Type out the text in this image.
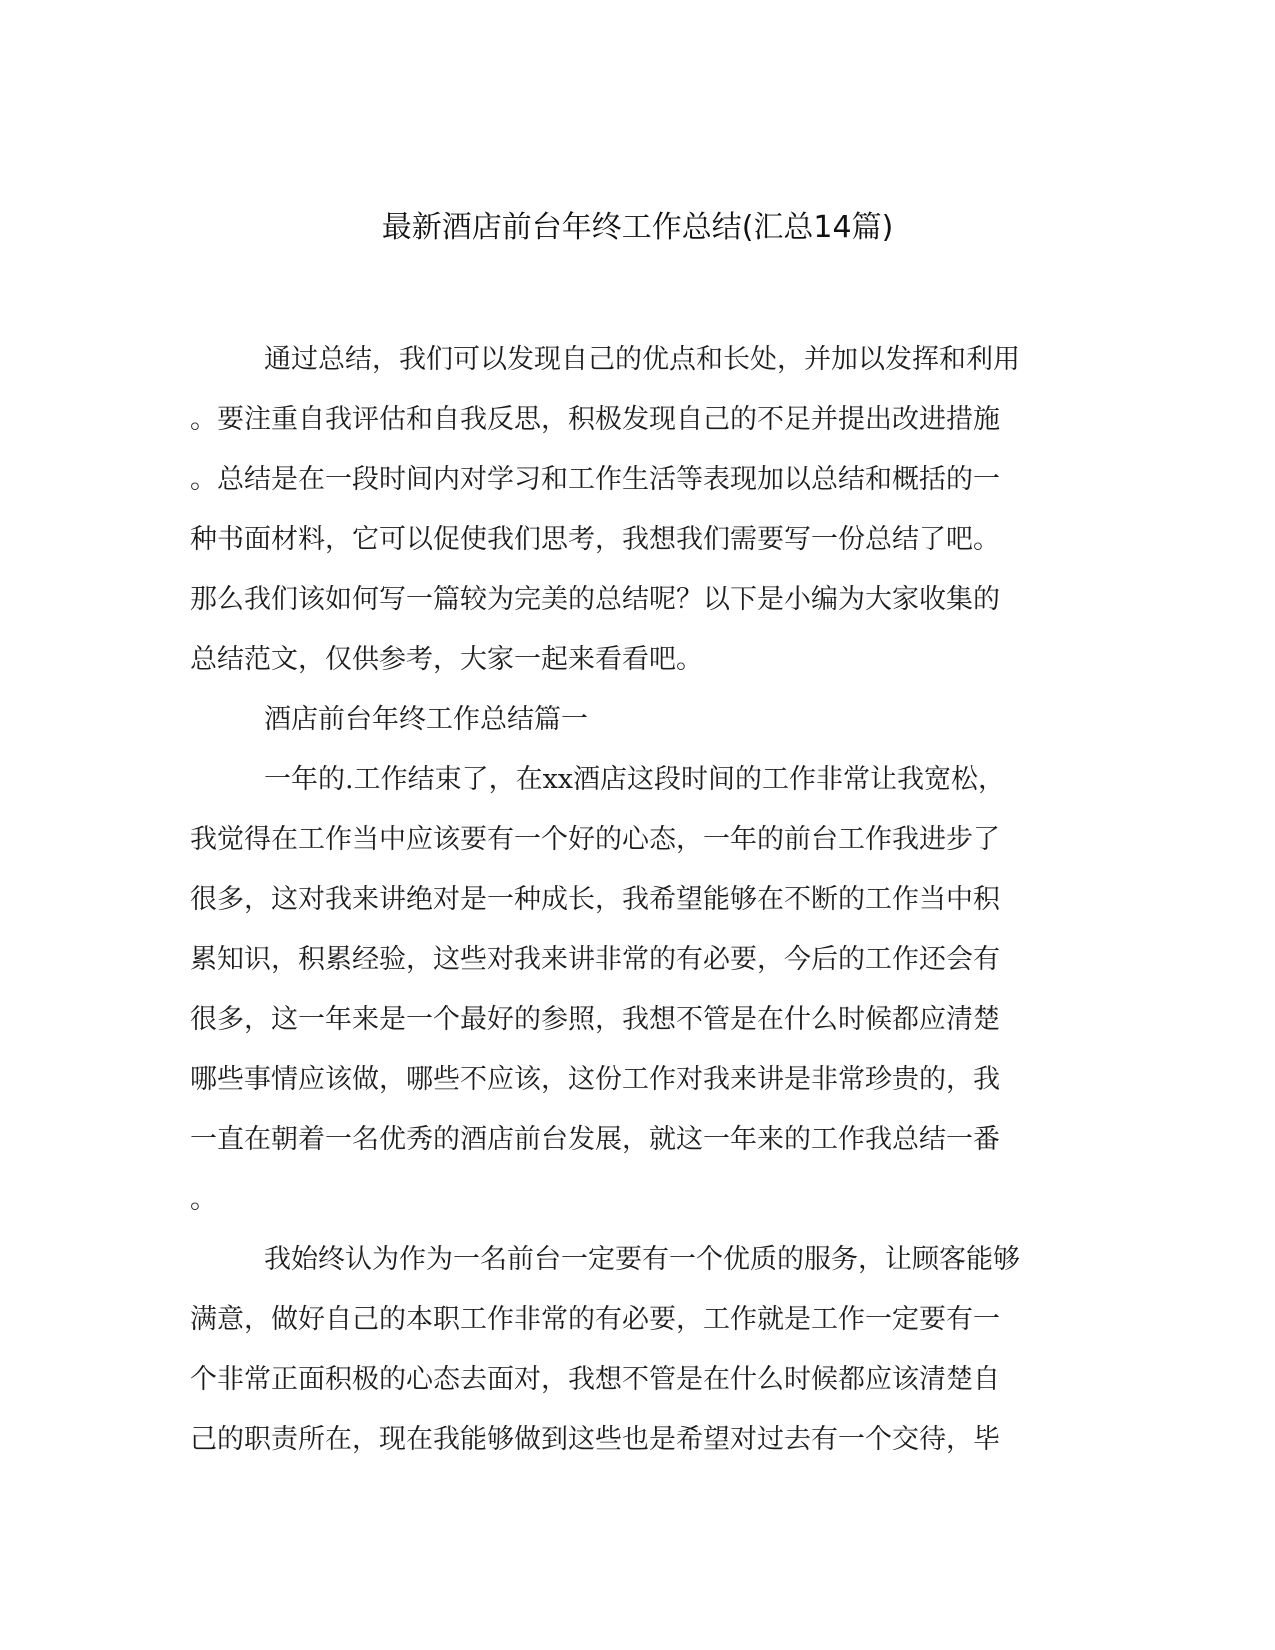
最新酒店前台年终工作总结(汇总14篇)
通过总结，我们可以发现自己的优点和长处，并加以发挥和利用
。要注重自我评估和自我反思，积极发现自己的不足并提出改进措施
。总结是在一段时间内对学习和工作生活等表现加以总结和概括的一
种书面材料，它可以促使我们思考，我想我们需要写一份总结了吧。
那么我们该如何写一篇较为完美的总结呢？以下是小编为大家收集的
总结范文，仅供参考，大家一起来看看吧。
酒店前台年终工作总结篇一
一年的.工作结束了，在xx酒店这段时间的工作非常让我宽松，
我觉得在工作当中应该要有一个好的心态，一年的前台工作我进步了
很多，这对我来讲绝对是一种成长，我希望能够在不断的工作当中积
累知识，积累经验，这些对我来讲非常的有必要，今后的工作还会有
很多，这一年来是一个最好的参照，我想不管是在什么时候都应清楚
哪些事情应该做，哪些不应该，这份工作对我来讲是非常珍贵的，我
一直在朝着一名优秀的酒店前台发展，就这一年来的工作我总结一番
。
我始终认为作为一名前台一定要有一个优质的服务，让顾客能够
满意，做好自己的本职工作非常的有必要，工作就是工作一定要有一
个非常正面积极的心态去面对，我想不管是在什么时候都应该清楚自
己的职责所在，现在我能够做到这些也是希望对过去有一个交待，毕
